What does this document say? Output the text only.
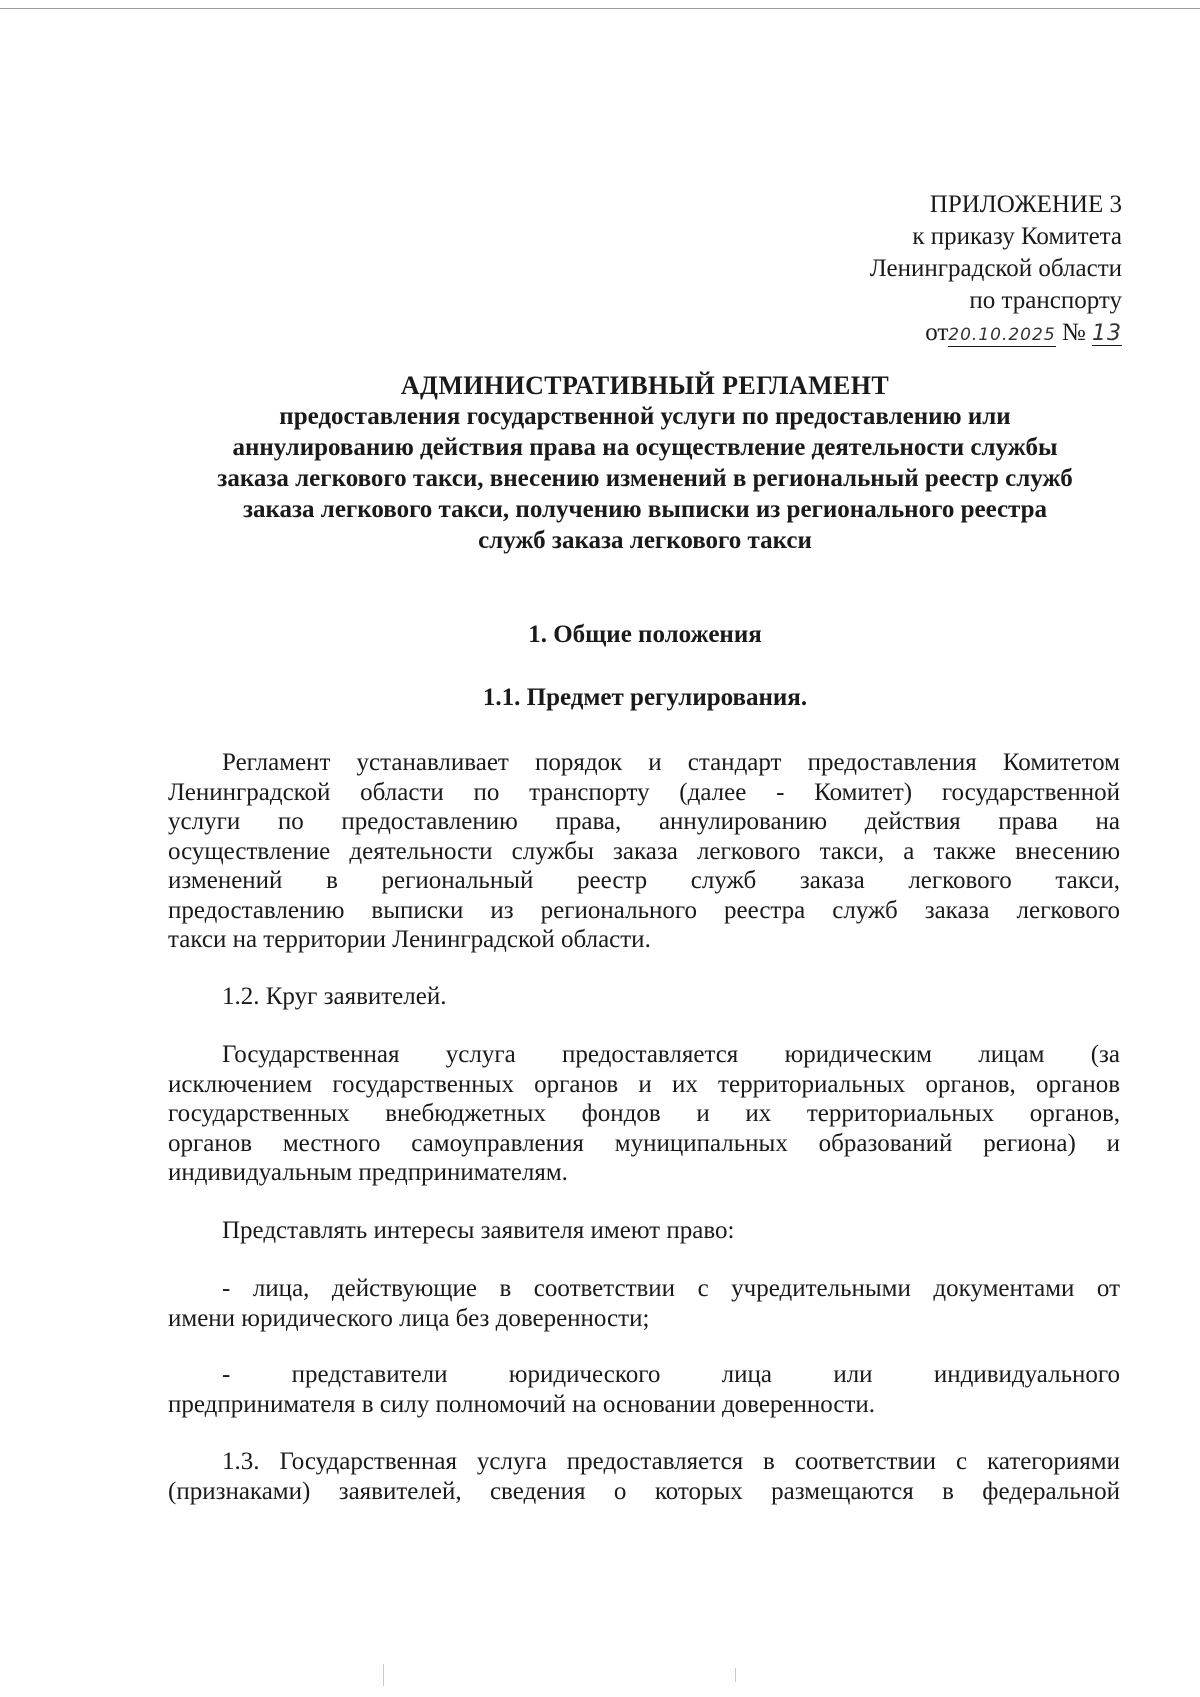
ПРИЛОЖЕНИЕ 3
к приказу Комитета
Ленинградской области
по транспорту
от20.10.2025 № 13
АДМИНИСТРАТИВНЫЙ РЕГЛАМЕНТ
предоставления государственной услуги по предоставлению или
аннулированию действия права на осуществление деятельности службы
заказа легкового такси, внесению изменений в региональный реестр служб
заказа легкового такси, получению выписки из регионального реестра
служб заказа легкового такси
1. Общие положения
1.1. Предмет регулирования.
Регламент устанавливает порядок и стандарт предоставления Комитетом
Ленинградской области по транспорту (далее - Комитет) государственной
услуги по предоставлению права, аннулированию действия права на
осуществление деятельности службы заказа легкового такси, а также внесению
изменений в региональный реестр служб заказа легкового такси,
предоставлению выписки из регионального реестра служб заказа легкового
такси на территории Ленинградской области.
1.2. Круг заявителей.
Государственная услуга предоставляется юридическим лицам (за
исключением государственных органов и их территориальных органов, органов
государственных внебюджетных фондов и их территориальных органов,
органов местного самоуправления муниципальных образований региона) и
индивидуальным предпринимателям.
Представлять интересы заявителя имеют право:
- лица, действующие в соответствии с учредительными документами от
имени юридического лица без доверенности;
- представители юридического лица или индивидуального
предпринимателя в силу полномочий на основании доверенности.
1.3. Государственная услуга предоставляется в соответствии с категориями
(признаками) заявителей, сведения о которых размещаются в федеральной
